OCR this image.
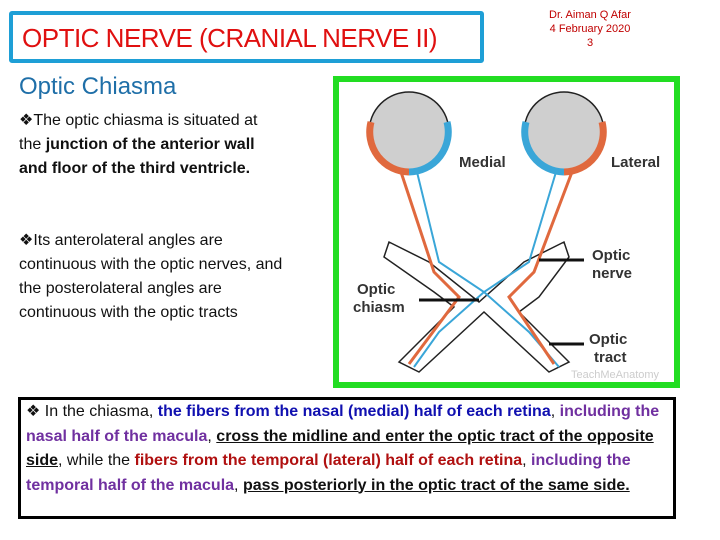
OPTIC NERVE (CRANIAL NERVE II)
Dr. Aiman Q Afar
4 February 2020
3
Optic Chiasma
❖The optic chiasma is situated at the junction of the anterior wall and floor of the third ventricle.
❖Its anterolateral angles are continuous with the optic nerves, and the posterolateral angles are continuous with the optic tracts
Medial	Lateral
Optic
nerve
Optic
chiasm
Optic
tract
TeachMeAnatomy
❖ In the chiasma, the fibers from the nasal (medial) half of each retina, including the nasal half of the macula, cross the midline and enter the optic tract of the opposite side, while the fibers from the temporal (lateral) half of each retina, including the temporal half of the macula, pass posteriorly in the optic tract of the same side.
